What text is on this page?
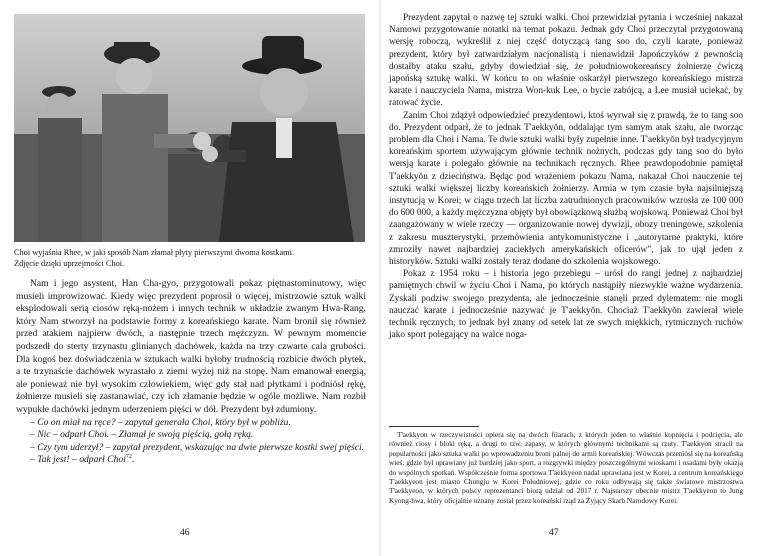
Choi wyjaśnia Rhee, w jaki sposób Nam złamał płyty pierwszymi dwoma kostkami.

Zdjęcie dzięki uprzejmości Choi.

Nam i jego asystent, Han Cha-gyo, przygotowali pokaz piętnastominutowy, więc musieli improwizować. Kiedy więc prezydent poprosił o więcej, mistrzowie sztuk walki eksplodowali serią ciosów ręką-nożem i innych technik w układzie zwanym Hwa-Rang, który Nam stworzył na podstawie formy z koreańskiego karate. Nam bronił się również przed atakiem najpierw dwóch, a następnie trzech mężczyzn. W pewnym momencie podszedł do sterty trzynastu glinianych dachówek, każda na trzy czwarte cala grubości. Dla kogoś bez doświadczenia w sztukach walki byłoby trudnością rozbicie dwóch płytek, a te trzynaście dachówek wyrastało z ziemi wyżej niż na stopę. Nam emanował energią, ale ponieważ nie był wysokim człowiekiem, więc gdy stał nad płytkami i podniósł rękę, żołnierze musieli się zastanawiać, czy ich złamanie będzie w ogóle możliwe. Nam rozbił wypukłe dachówki jednym uderzeniem pięści w dół. Prezydent był zdumiony.

– Co on miał na ręce? – zapytał generała Choi, który był w pobliżu.

– Nic – odparł Choi. – Złamał je swoją pięścią, gołą ręką.

– Czy tym uderzył? – zapytał prezydent, wskazując na dwie pierwsze kostki swej pięści.

– Tak jest! – odparł Choi$^{72}$.

46

Prezydent zapytał o nazwę tej sztuki walki. Choi przewidział pytania i wcześniej nakazał Namowi przygotowanie notatki na temat pokazu. Jednak gdy Choi przeczytał przygotowaną wersję roboczą, wykreślił z niej część dotyczącą tang soo do, czyli karate, ponieważ prezydent, który był zatwardziałym nacjonalistą i nienawidził Japończyków z pewnością dostałby ataku szału, gdyby dowiedział się, że południowokoreańscy żołnierze ćwiczą japońską sztukę walki. W końcu to on właśnie oskarżył pierwszego koreańskiego mistrza karate i nauczyciela Nama, mistrza Won-kuk Lee, o bycie zabójcą, a Lee musiał uciekać, by ratować życie.

Zanim Choi zdążył odpowiedzieć prezydentowi, ktoś wyrwał się z prawdą, że to tang soo do. Prezydent odparł, że to jednak T'aekkyŏn, oddalając tym samym atak szału, ale tworząc problem dla Choi i Nama. Te dwie sztuki walki były zupełnie inne. T'aekkyŏn był tradycyjnym koreańskim sportem używającym głównie technik nożnych, podczas gdy tang soo do było wersją karate i polegało głównie na technikach ręcznych. Rhee prawdopodobnie pamiętał T'aekkyŏn z dzieciństwa. Będąc pod wrażeniem pokazu Nama, nakazał Choi nauczenie tej sztuki walki większej liczby koreańskich żołnierzy. Armia w tym czasie była najsilniejszą instytucją w Korei; w ciągu trzech lat liczba zatrudnionych pracowników wzrosła ze 100 000 do 600 000, a każdy mężczyzna objęty był obowiązkową służbą wojskową. Ponieważ Choi był zaangażowany w wiele rzeczy — organizowanie nowej dywizji, obozy treningowe, szkolenia z zakresu muszterystyki, przemówienia antykomunistyczne i „autorytarne praktyki, które zmroziły nawet najbardziej zaciekłych amerykańskich oficerów”, jak to ujął jeden z historyków. Sztuki walki zostały teraz dodane do szkolenia wojskowego.

Pokaz z 1954 roku – i historia jego przebiegu – urósł do rangi jednej z najbardziej pamiętnych chwil w życiu Choi i Nama, po których nastąpiły niezwykle ważne wydarzenia. Zyskali podziw swojego prezydenta, ale jednocześnie stanęli przed dylematem: nie mogli nauczać karate i jednocześnie nazywać je T'aekkyŏn. Chociaż T'aekkyŏn zawierał wiele technik ręcznych, to jednak był znany od setek lat ze swych miękkich, rytmicznych ruchów jako sport polegający na walce noga-

T'aekkyon w rzeczywistości opiera się na dwóch filarach, z których jeden to właśnie kopnięcia i podcięcia, ale również ciosy i bloki ręką, a drugi to tzw. zapasy, w których głównymi technikami są rzuty. T'aekkyon stracił na popularności jako sztuka walki po wprowadzeniu broni palnej do armii koreańskiej. Wówczas przeniósł się na koreańską wieś, gdzie był uprawiany już bardziej jako sport, a rozgrywki między poszczególnymi wioskami i osadami były okazją do wspólnych spotkań. Współcześnie forma sportowa T'aekkyeon nadal uprawiana jest w Korei, a centrum koreańskiego T'aekkyeon jest miasto Chungju w Korei Południowej, gdzie co roku odbywają się także światowe mistrzostwa T'aekkyeon, w których polscy reprezentanci biorą udział od 2017 r. Najstarszy obecnie mistrz T'aekkyeon to Jung Kyong-hwa, który oficjalnie uznany został przez koreański rząd za Żyjący Skarb Narodowy Korei.

47
